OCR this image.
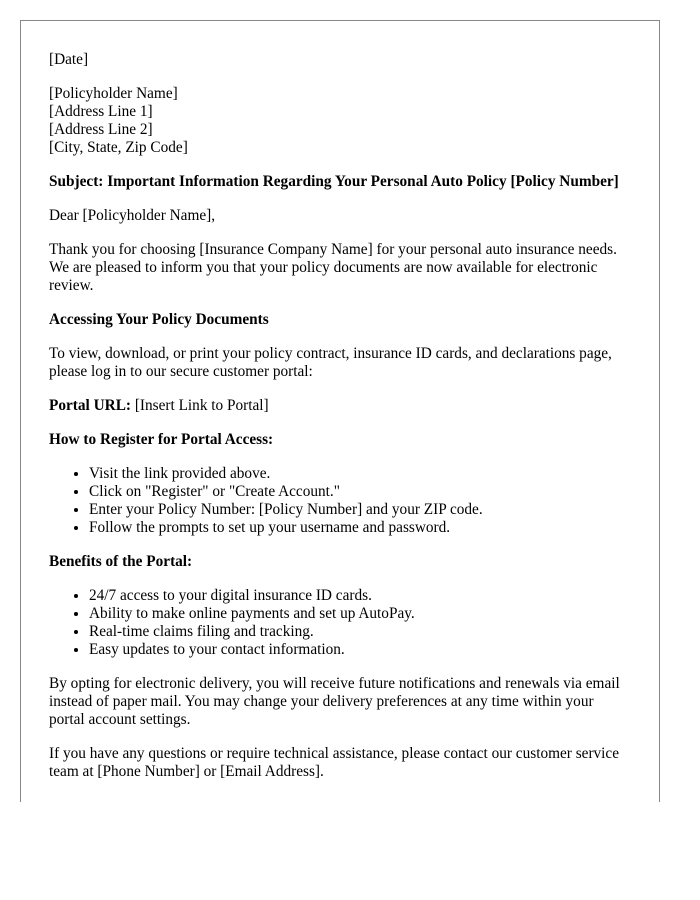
[Date]

[Policyholder Name]
[Address Line 1]
[Address Line 2]
[City, State, Zip Code]

Subject: Important Information Regarding Your Personal Auto Policy [Policy Number]

Dear [Policyholder Name],

Thank you for choosing [Insurance Company Name] for your personal auto insurance needs. We are pleased to inform you that your policy documents are now available for electronic review.

Accessing Your Policy Documents

To view, download, or print your policy contract, insurance ID cards, and declarations page, please log in to our secure customer portal:

Portal URL: [Insert Link to Portal]

How to Register for Portal Access:

• Visit the link provided above.
• Click on "Register" or "Create Account."
• Enter your Policy Number: [Policy Number] and your ZIP code.
• Follow the prompts to set up your username and password.

Benefits of the Portal:

• 24/7 access to your digital insurance ID cards.
• Ability to make online payments and set up AutoPay.
• Real-time claims filing and tracking.
• Easy updates to your contact information.

By opting for electronic delivery, you will receive future notifications and renewals via email instead of paper mail. You may change your delivery preferences at any time within your portal account settings.

If you have any questions or require technical assistance, please contact our customer service team at [Phone Number] or [Email Address].
